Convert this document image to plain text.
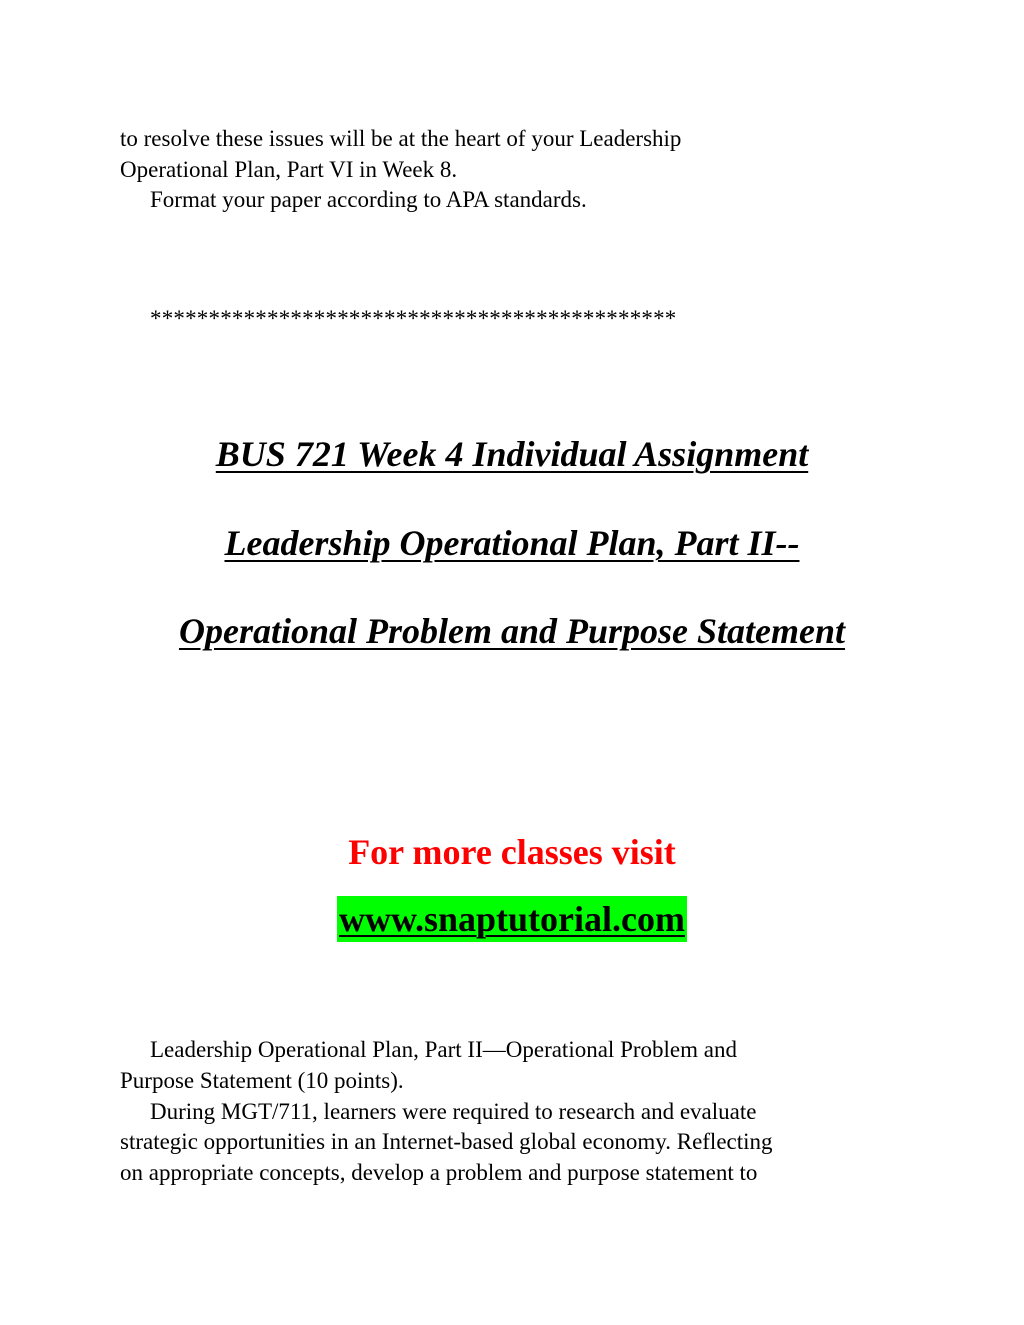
to resolve these issues will be at the heart of your Leadership
Operational Plan, Part VI in Week 8.
Format your paper according to APA standards.
*********************************************
BUS 721 Week 4 Individual Assignment
Leadership Operational Plan, Part II--
Operational Problem and Purpose Statement
For more classes visit
www.snaptutorial.com
Leadership Operational Plan, Part II—Operational Problem and
Purpose Statement (10 points).
During MGT/711, learners were required to research and evaluate
strategic opportunities in an Internet-based global economy. Reflecting
on appropriate concepts, develop a problem and purpose statement to
